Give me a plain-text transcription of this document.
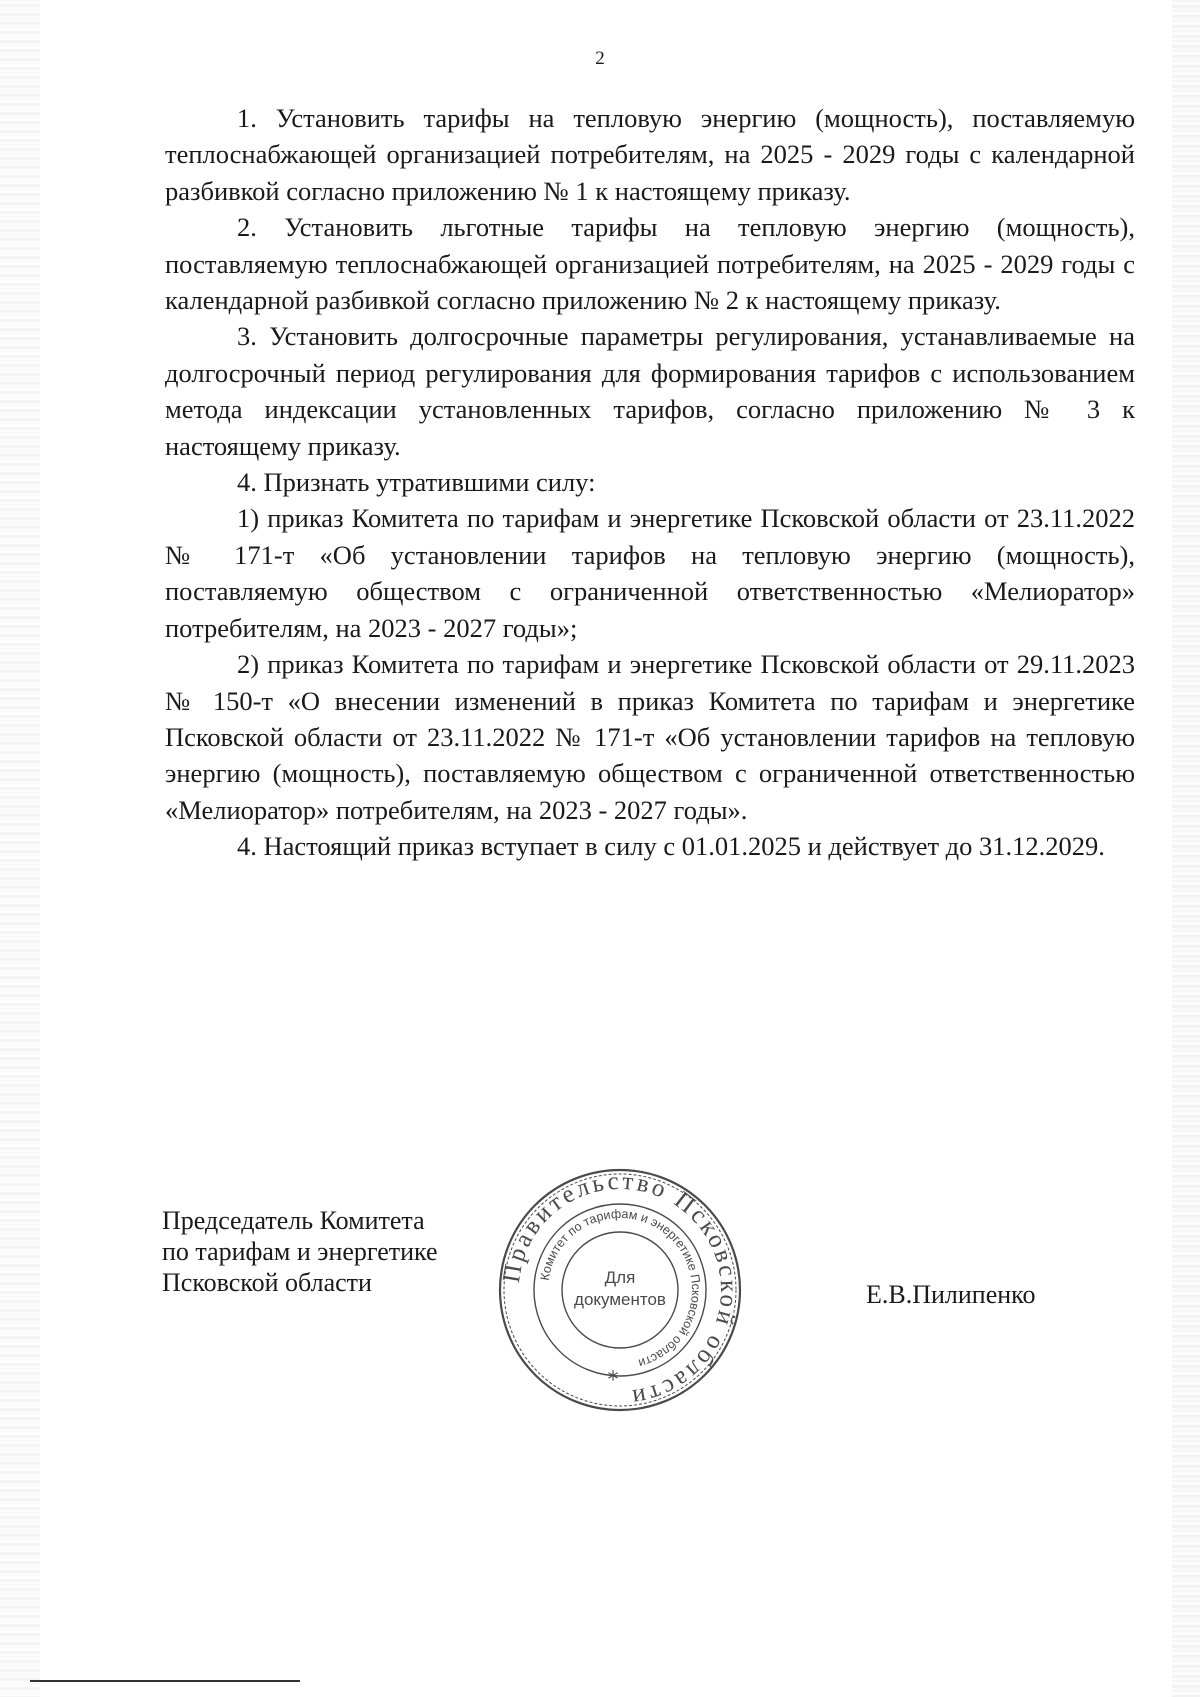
2

1. Установить тарифы на тепловую энергию (мощность), поставляемую теплоснабжающей организацией потребителям, на 2025 - 2029 годы с календарной разбивкой согласно приложению № 1 к настоящему приказу.

2. Установить льготные тарифы на тепловую энергию (мощность), поставляемую теплоснабжающей организацией потребителям, на 2025 - 2029 годы с календарной разбивкой согласно приложению № 2 к настоящему приказу.

3. Установить долгосрочные параметры регулирования, устанавливаемые на долгосрочный период регулирования для формирования тарифов с использованием метода индексации установленных тарифов, согласно приложению № 3 к настоящему приказу.

4. Признать утратившими силу:

1) приказ Комитета по тарифам и энергетике Псковской области от 23.11.2022 № 171-т «Об установлении тарифов на тепловую энергию (мощность), поставляемую обществом с ограниченной ответственностью «Мелиоратор» потребителям, на 2023 - 2027 годы»;

2) приказ Комитета по тарифам и энергетике Псковской области от 29.11.2023 № 150-т «О внесении изменений в приказ Комитета по тарифам и энергетике Псковской области от 23.11.2022 № 171-т «Об установлении тарифов на тепловую энергию (мощность), поставляемую обществом с ограниченной ответственностью «Мелиоратор» потребителям, на 2023 - 2027 годы».

4. Настоящий приказ вступает в силу с 01.01.2025 и действует до 31.12.2029.

Председатель Комитета
по тарифам и энергетике
Псковской области	Правительство Псковской области
Комитет по тарифам и энергетике Псковской области
Для
документов
*
Е.В.Пилипенко
